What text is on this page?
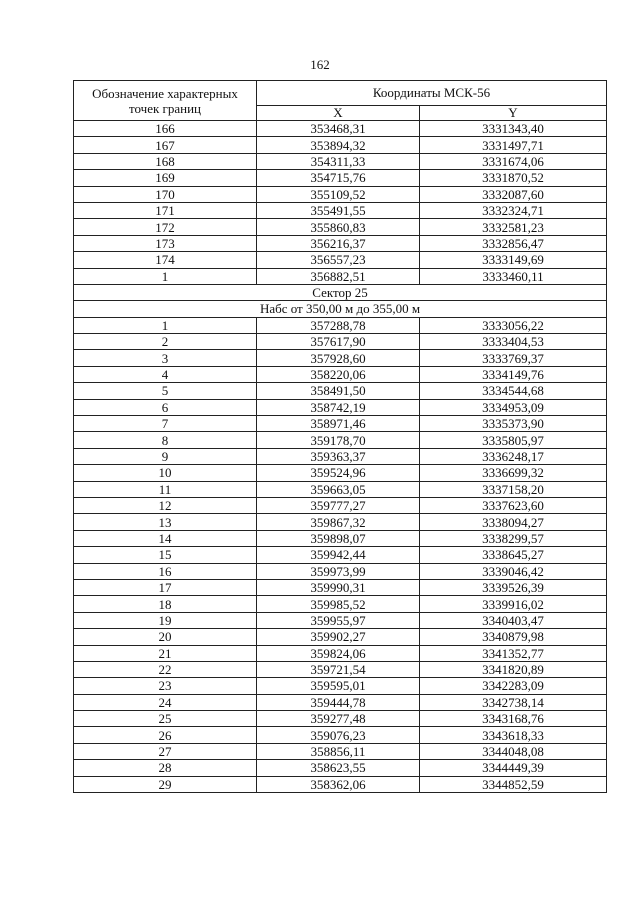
162
Обозначение характерных
точек границ	Координаты МСК-56	
	X	Y
166	353468,31	3331343,40
167	353894,32	3331497,71
168	354311,33	3331674,06
169	354715,76	3331870,52
170	355109,52	3332087,60
171	355491,55	3332324,71
172	355860,83	3332581,23
173	356216,37	3332856,47
174	356557,23	3333149,69
1	356882,51	3333460,11
Сектор 25		
Набс от 350,00 м до 355,00 м		
1	357288,78	3333056,22
2	357617,90	3333404,53
3	357928,60	3333769,37
4	358220,06	3334149,76
5	358491,50	3334544,68
6	358742,19	3334953,09
7	358971,46	3335373,90
8	359178,70	3335805,97
9	359363,37	3336248,17
10	359524,96	3336699,32
11	359663,05	3337158,20
12	359777,27	3337623,60
13	359867,32	3338094,27
14	359898,07	3338299,57
15	359942,44	3338645,27
16	359973,99	3339046,42
17	359990,31	3339526,39
18	359985,52	3339916,02
19	359955,97	3340403,47
20	359902,27	3340879,98
21	359824,06	3341352,77
22	359721,54	3341820,89
23	359595,01	3342283,09
24	359444,78	3342738,14
25	359277,48	3343168,76
26	359076,23	3343618,33
27	358856,11	3344048,08
28	358623,55	3344449,39
29	358362,06	3344852,59
